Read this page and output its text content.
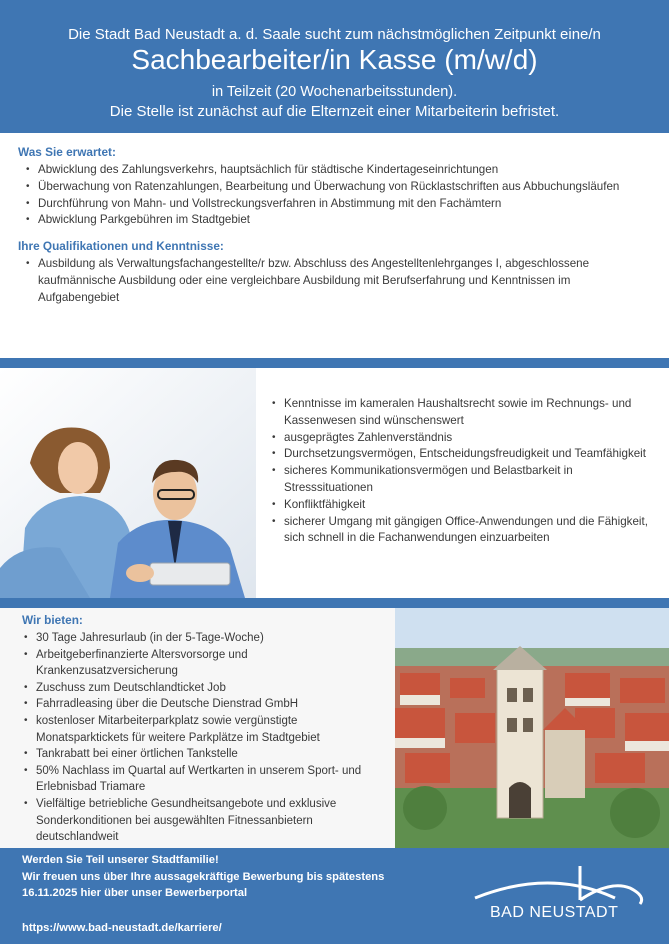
Die Stadt Bad Neustadt a. d. Saale sucht zum nächstmöglichen Zeitpunkt eine/n
Sachbearbeiter/in Kasse (m/w/d)
in Teilzeit (20 Wochenarbeitsstunden).
Die Stelle ist zunächst auf die Elternzeit einer Mitarbeiterin befristet.
Was Sie erwartet:
• Abwicklung des Zahlungsverkehrs, hauptsächlich für städtische Kindertageseinrichtungen
• Überwachung von Ratenzahlungen, Bearbeitung und Überwachung von Rücklastschriften aus Abbuchungsläufen
• Durchführung von Mahn- und Vollstreckungsverfahren in Abstimmung mit den Fachämtern
• Abwicklung Parkgebühren im Stadtgebiet
Ihre Qualifikationen und Kenntnisse:
• Ausbildung als Verwaltungsfachangestellte/r bzw. Abschluss des Angestelltenlehrganges I, abgeschlossene kaufmännische Ausbildung oder eine vergleichbare Ausbildung mit Berufserfahrung und Kenntnissen im Aufgabengebiet
• Kenntnisse im kameralen Haushaltsrecht sowie im Rechnungs- und Kassenwesen sind wünschenswert
• ausgeprägtes Zahlenverständnis
• Durchsetzungsvermögen, Entscheidungsfreudigkeit und Teamfähigkeit
• sicheres Kommunikationsvermögen und Belastbarkeit in Stresssituationen
• Konfliktfähigkeit
• sicherer Umgang mit gängigen Office-Anwendungen und die Fähigkeit, sich schnell in die Fachanwendungen einzuarbeiten
Wir bieten:
• 30 Tage Jahresurlaub (in der 5-Tage-Woche)
• Arbeitgeberfinanzierte Altersvorsorge und Krankenzusatzversicherung
• Zuschuss zum Deutschlandticket Job
• Fahrradleasing über die Deutsche Dienstrad GmbH
• kostenloser Mitarbeiterparkplatz sowie vergünstigte Monatsparktickets für weitere Parkplätze im Stadtgebiet
• Tankrabatt bei einer örtlichen Tankstelle
• 50% Nachlass im Quartal auf Wertkarten in unserem Sport- und Erlebnisbad Triamare
• Vielfältige betriebliche Gesundheitsangebote und exklusive Sonderkonditionen bei ausgewählten Fitnessanbietern deutschlandweit
Werden Sie Teil unserer Stadtfamilie!
Wir freuen uns über Ihre aussagekräftige Bewerbung bis spätestens
16.11.2025 hier über unser Bewerberportal
https://www.bad-neustadt.de/karriere/
BAD NEUSTADT
